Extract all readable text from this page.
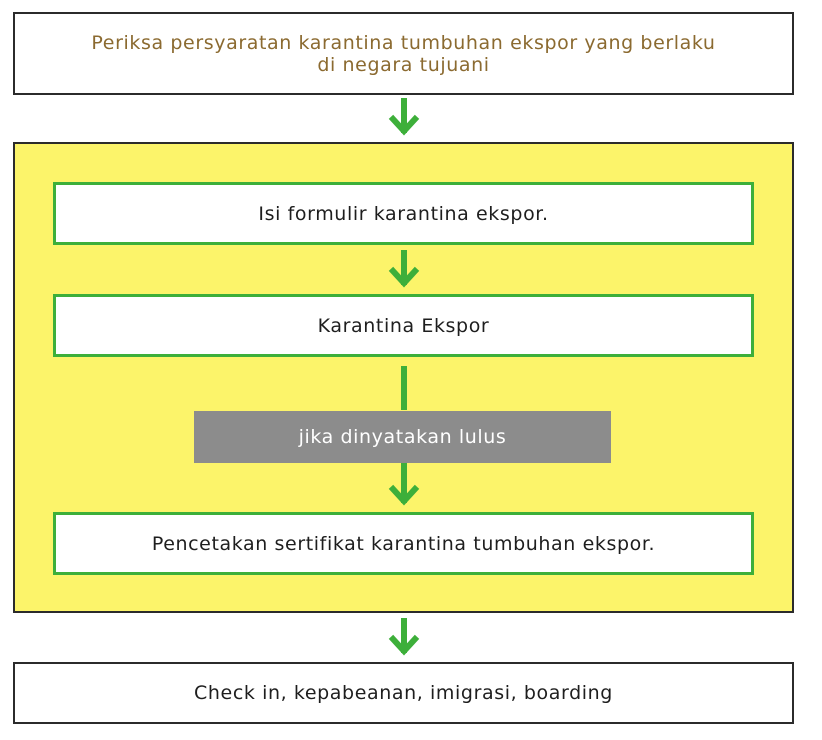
Periksa persyaratan karantina tumbuhan ekspor yang berlaku
di negara tujuani
Isi formulir karantina ekspor.
Karantina Ekspor
jika dinyatakan lulus
Pencetakan sertifikat karantina tumbuhan ekspor.
Check in, kepabeanan, imigrasi, boarding
